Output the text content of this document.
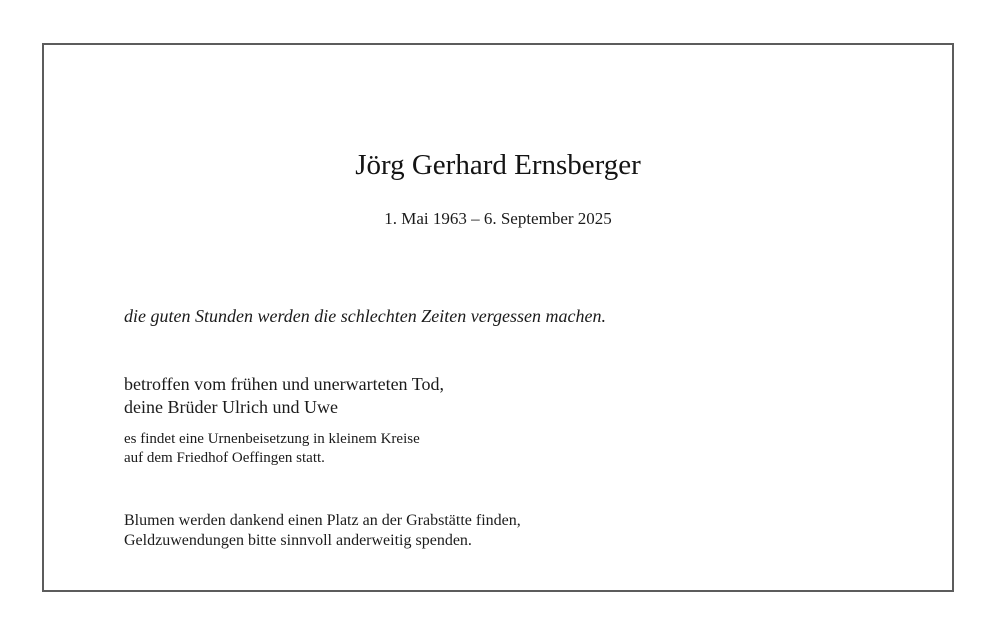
Jörg Gerhard Ernsberger
1. Mai 1963 – 6. September 2025
die guten Stunden werden die schlechten Zeiten vergessen machen.
betroffen vom frühen und unerwarteten Tod,
deine Brüder Ulrich und Uwe
es findet eine Urnenbeisetzung in kleinem Kreise
auf dem Friedhof Oeffingen statt.
Blumen werden dankend einen Platz an der Grabstätte finden,
Geldzuwendungen bitte sinnvoll anderweitig spenden.
